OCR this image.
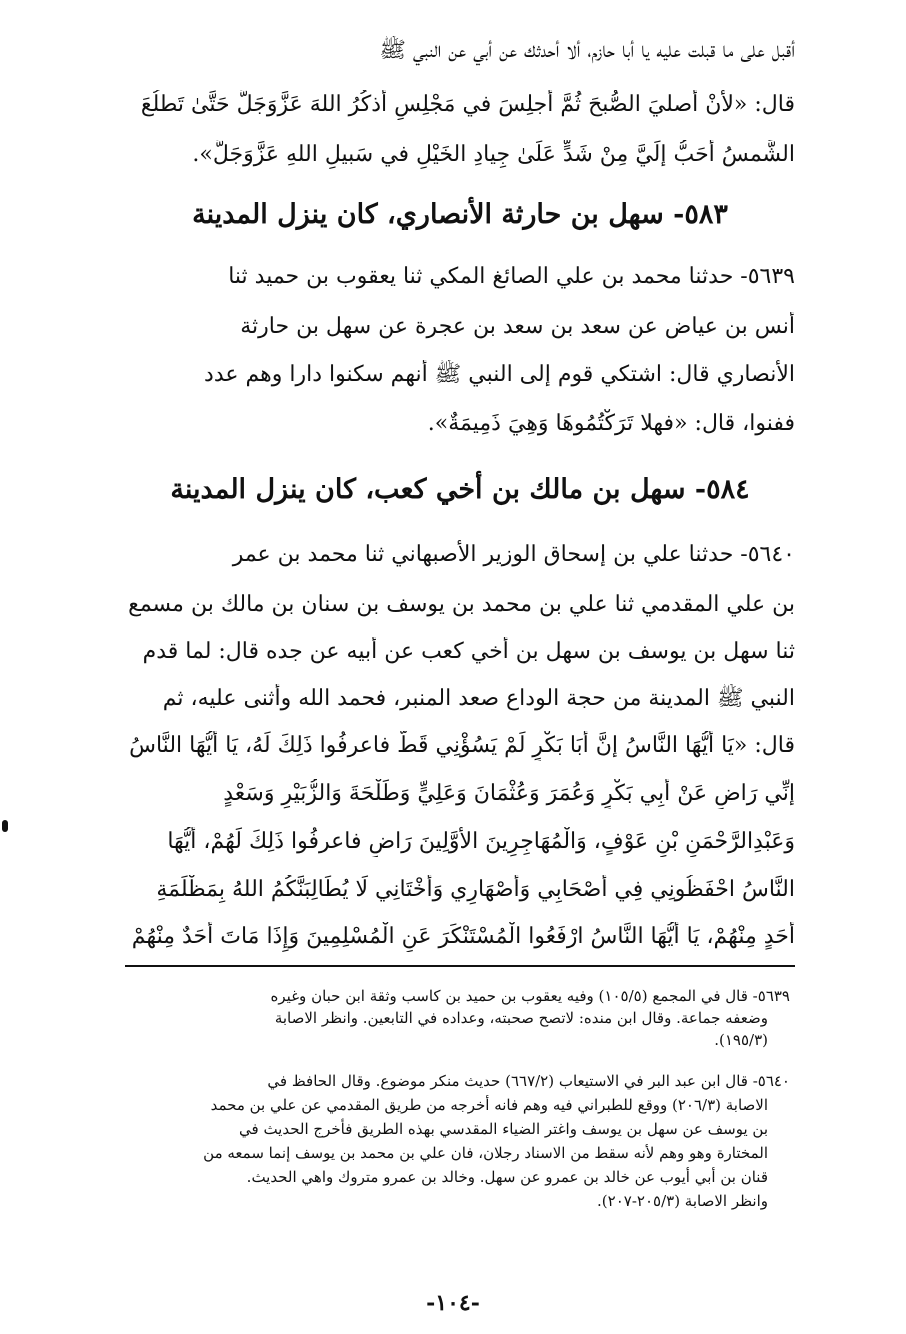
أقبل على ما قبلت عليه يا أبا حازم، ألا أحدثك عن أبي عن النبي ﷺ
قال: «لأنْ أصليَ الصُّبحَ ثُمَّ أجلِسَ في مَجْلِسٍ أذكُرُ اللهَ عَزَّوَجَلَّ حَتَّىٰ تَطلُعَ
الشَّمسُ أَحَبُّ إلَيَّ مِنْ شَدٍّ عَلَىٰ جِيادِ الخَيْلِ في سَبيلِ اللهِ عَزَّوَجَلَّ».
٥٨٣- سهل بن حارثة الأنصاري، كان ينزل المدينة
٥٦٣٩- حدثنا محمد بن علي الصائغ المكي ثنا يعقوب بن حميد ثنا
أنس بن عياض عن سعد بن سعد بن عجرة عن سهل بن حارثة
الأنصاري قال: اشتكي قوم إلى النبي ﷺ أنهم سكنوا دارا وهم عدد
ففنوا، قال: «فهلا تَرَكْتُمُوهَا وَهِيَ ذَمِيمَةٌ».
٥٨٤- سهل بن مالك بن أخي كعب، كان ينزل المدينة
٥٦٤٠- حدثنا علي بن إسحاق الوزير الأصبهاني ثنا محمد بن عمر
بن علي المقدمي ثنا علي بن محمد بن يوسف بن سنان بن مالك بن مسمع
ثنا سهل بن يوسف بن سهل بن أخي كعب عن أبيه عن جده قال: لما قدم
النبي ﷺ المدينة من حجة الوداع صعد المنبر، فحمد الله وأثنى عليه، ثم
قال: «يَا أَيُّهَا النَّاسُ إنَّ أَبَا بَكْرٍ لَمْ يَسُؤْنِي قَطُّ فاعرفُوا ذَلِكَ لَهُ، يَا أَيُّهَا النَّاسُ
إنِّي رَاضٍ عَنْ أَبِي بَكْرٍ وَعُمَرَ وَعُثْمَانَ وَعَلِيٍّ وَطَلْحَةَ وَالزُّبَيْرِ وَسَعْدٍ
وَعَبْدِالرَّحْمَنِ بْنِ عَوْفٍ، وَالْمُهَاجِرِينَ الأَوَّلِينَ رَاضٍ فاعرفُوا ذَلِكَ لَهُمْ، أَيُّهَا
النَّاسُ احْفَظُونِي فِي أَصْحَابِي وَأَصْهَارِي وَأَخْتَانِي لَا يُطَالِبَنَّكُمُ اللهُ بِمَظْلَمَةِ
أَحَدٍ مِنْهُمْ، يَا أَيُّهَا النَّاسُ ارْفَعُوا الْمُسْتَنْكَرَ عَنِ الْمُسْلِمِينَ وَإِذَا مَاتَ أَحَدٌ مِنْهُمْ
٥٦٣٩- قال في المجمع (١٠٥/٥) وفيه يعقوب بن حميد بن كاسب وثقة ابن حبان وغيره
وضعفه جماعة. وقال ابن منده: لاتصح صحبته، وعداده في التابعين. وانظر الاصابة
(١٩٥/٣).
٥٦٤٠- قال ابن عبد البر في الاستيعاب (٦٦٧/٢) حديث منكر موضوع. وقال الحافظ في
الاصابة (٢٠٦/٣) ووقع للطبراني فيه وهم فانه أخرجه من طريق المقدمي عن علي بن محمد
بن يوسف عن سهل بن يوسف واغتر الضياء المقدسي بهذه الطريق فأخرج الحديث في
المختارة وهو وهم لأنه سقط من الاسناد رجلان، فان علي بن محمد بن يوسف إنما سمعه من
قنان بن أبي أيوب عن خالد بن عمرو عن سهل. وخالد بن عمرو متروك واهي الحديث.
وانظر الاصابة (٢٠٥/٣-٢٠٧).
-١٠٤-
